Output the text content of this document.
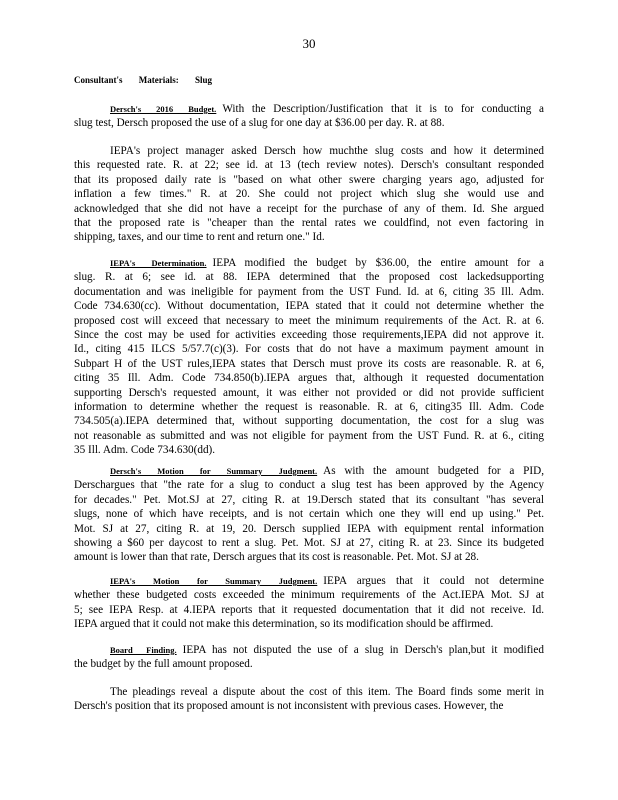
30
Consultant's Materials: Slug
Dersch's 2016 Budget. With the Description/Justification that it is to for conducting a
slug test, Dersch proposed the use of a slug for one day at $36.00 per day. R. at 88.
IEPA's project manager asked Dersch how muchthe slug costs and how it determined
this requested rate. R. at 22; see id. at 13 (tech review notes). Dersch's consultant responded
that its proposed daily rate is "based on what other swere charging years ago, adjusted for
inflation a few times." R. at 20. She could not project which slug she would use and
acknowledged that she did not have a receipt for the purchase of any of them. Id. She argued
that the proposed rate is "cheaper than the rental rates we couldfind, not even factoring in
shipping, taxes, and our time to rent and return one." Id.
IEPA's Determination. IEPA modified the budget by $36.00, the entire amount for a
slug. R. at 6; see id. at 88. IEPA determined that the proposed cost lackedsupporting
documentation and was ineligible for payment from the UST Fund. Id. at 6, citing 35 Ill. Adm.
Code 734.630(cc). Without documentation, IEPA stated that it could not determine whether the
proposed cost will exceed that necessary to meet the minimum requirements of the Act. R. at 6.
Since the cost may be used for activities exceeding those requirements,IEPA did not approve it.
Id., citing 415 ILCS 5/57.7(c)(3). For costs that do not have a maximum payment amount in
Subpart H of the UST rules,IEPA states that Dersch must prove its costs are reasonable. R. at 6,
citing 35 Ill. Adm. Code 734.850(b).IEPA argues that, although it requested documentation
supporting Dersch's requested amount, it was either not provided or did not provide sufficient
information to determine whether the request is reasonable. R. at 6, citing35 Ill. Adm. Code
734.505(a).IEPA determined that, without supporting documentation, the cost for a slug was
not reasonable as submitted and was not eligible for payment from the UST Fund. R. at 6., citing
35 Ill. Adm. Code 734.630(dd).
Dersch's Motion for Summary Judgment. As with the amount budgeted for a PID,
Derschargues that "the rate for a slug to conduct a slug test has been approved by the Agency
for decades." Pet. Mot.SJ at 27, citing R. at 19.Dersch stated that its consultant "has several
slugs, none of which have receipts, and is not certain which one they will end up using." Pet.
Mot. SJ at 27, citing R. at 19, 20. Dersch supplied IEPA with equipment rental information
showing a $60 per daycost to rent a slug. Pet. Mot. SJ at 27, citing R. at 23. Since its budgeted
amount is lower than that rate, Dersch argues that its cost is reasonable. Pet. Mot. SJ at 28.
IEPA's Motion for Summary Judgment. IEPA argues that it could not determine
whether these budgeted costs exceeded the minimum requirements of the Act.IEPA Mot. SJ at
5; see IEPA Resp. at 4.IEPA reports that it requested documentation that it did not receive. Id.
IEPA argued that it could not make this determination, so its modification should be affirmed.
Board Finding. IEPA has not disputed the use of a slug in Dersch's plan,but it modified
the budget by the full amount proposed.
The pleadings reveal a dispute about the cost of this item. The Board finds some merit in
Dersch's position that its proposed amount is not inconsistent with previous cases. However, the
